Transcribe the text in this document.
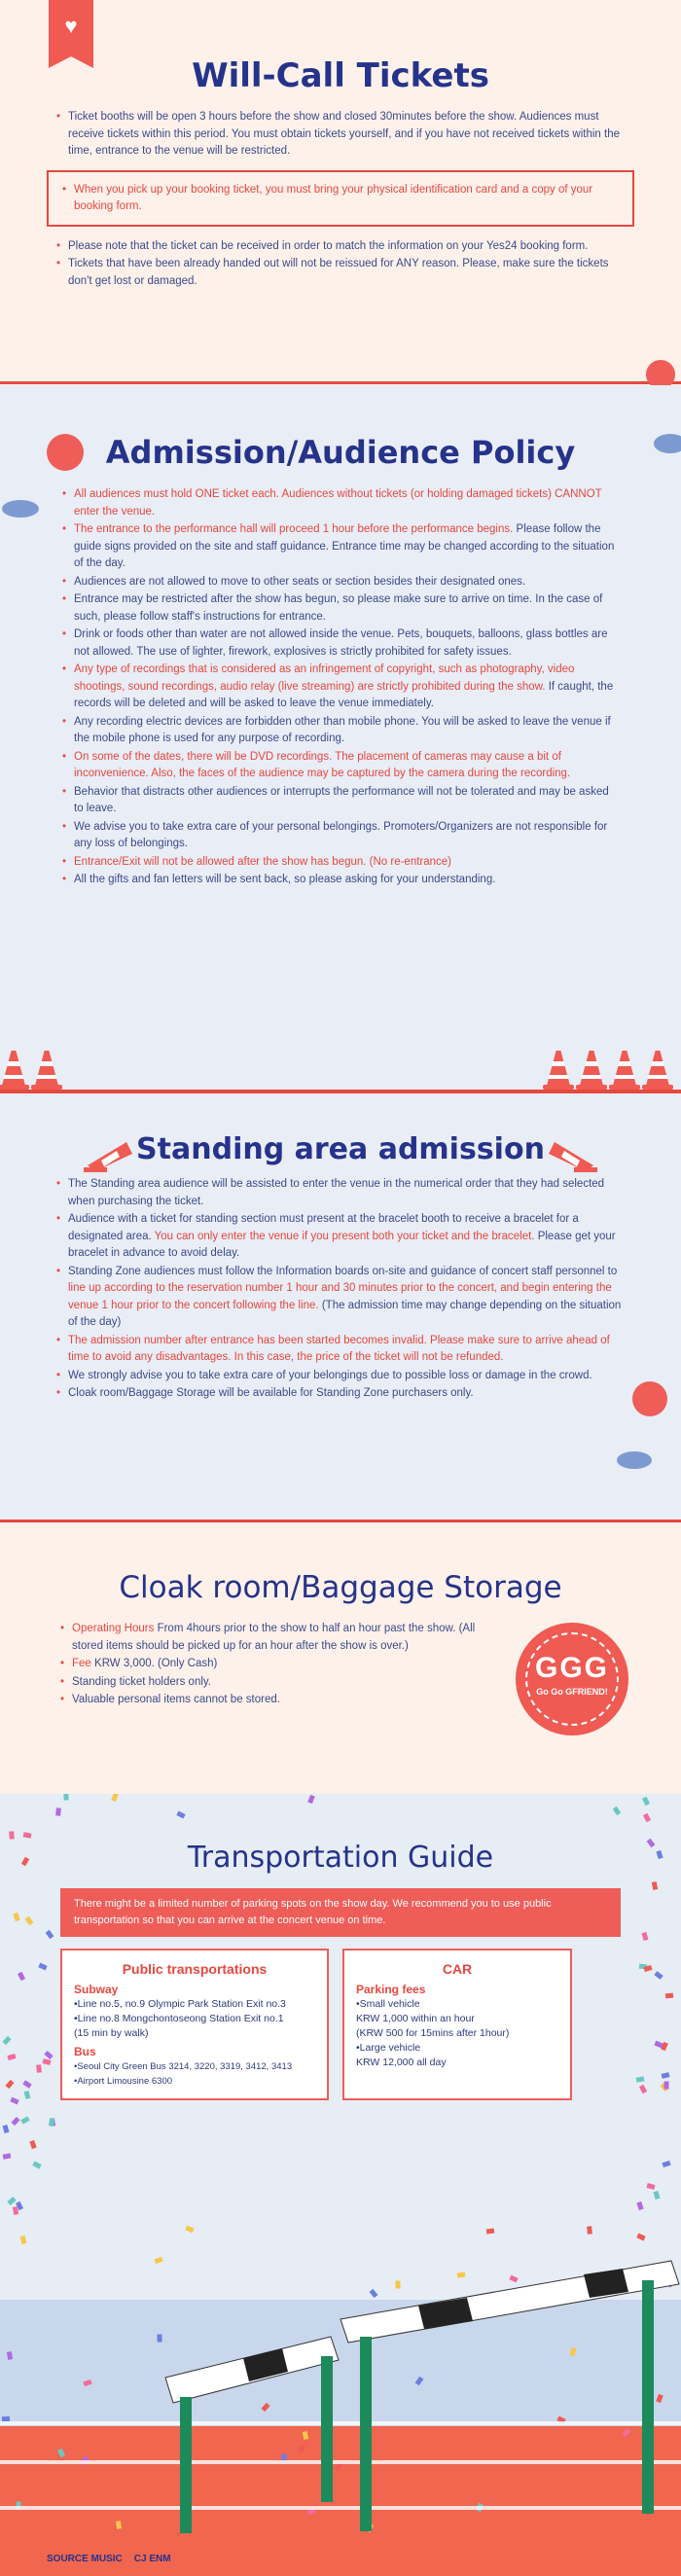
♥
Will-Call Tickets
• Ticket booths will be open 3 hours before the show and closed 30minutes before the show. Audiences must receive tickets within this period. You must obtain tickets yourself, and if you have not received tickets within the time, entrance to the venue will be restricted.
• When you pick up your booking ticket, you must bring your physical identification card and a copy of your booking form.
• Please note that the ticket can be received in order to match the information on your Yes24 booking form.
• Tickets that have been already handed out will not be reissued for ANY reason. Please, make sure the tickets don't get lost or damaged.
Admission/Audience Policy
• All audiences must hold ONE ticket each. Audiences without tickets (or holding damaged tickets) CANNOT enter the venue.
• The entrance to the performance hall will proceed 1 hour before the performance begins. Please follow the guide signs provided on the site and staff guidance. Entrance time may be changed according to the situation of the day.
• Audiences are not allowed to move to other seats or section besides their designated ones.
• Entrance may be restricted after the show has begun, so please make sure to arrive on time. In the case of such, please follow staff's instructions for entrance.
• Drink or foods other than water are not allowed inside the venue. Pets, bouquets, balloons, glass bottles are not allowed. The use of lighter, firework, explosives is strictly prohibited for safety issues.
• Any type of recordings that is considered as an infringement of copyright, such as photography, video shootings, sound recordings, audio relay (live streaming) are strictly prohibited during the show. If caught, the records will be deleted and will be asked to leave the venue immediately.
• Any recording electric devices are forbidden other than mobile phone. You will be asked to leave the venue if the mobile phone is used for any purpose of recording.
• On some of the dates, there will be DVD recordings. The placement of cameras may cause a bit of inconvenience. Also, the faces of the audience may be captured by the camera during the recording.
• Behavior that distracts other audiences or interrupts the performance will not be tolerated and may be asked to leave.
• We advise you to take extra care of your personal belongings. Promoters/Organizers are not responsible for any loss of belongings.
• Entrance/Exit will not be allowed after the show has begun. (No re-entrance)
• All the gifts and fan letters will be sent back, so please asking for your understanding.
Standing area admission
• The Standing area audience will be assisted to enter the venue in the numerical order that they had selected when purchasing the ticket.
• Audience with a ticket for standing section must present at the bracelet booth to receive a bracelet for a designated area. You can only enter the venue if you present both your ticket and the bracelet. Please get your bracelet in advance to avoid delay.
• Standing Zone audiences must follow the Information boards on-site and guidance of concert staff personnel to line up according to the reservation number 1 hour and 30 minutes prior to the concert, and begin entering the venue 1 hour prior to the concert following the line. (The admission time may change depending on the situation of the day)
• The admission number after entrance has been started becomes invalid. Please make sure to arrive ahead of time to avoid any disadvantages. In this case, the price of the ticket will not be refunded.
• We strongly advise you to take extra care of your belongings due to possible loss or damage in the crowd.
• Cloak room/Baggage Storage will be available for Standing Zone purchasers only.
Cloak room/Baggage Storage
• Operating Hours From 4hours prior to the show to half an hour past the show. (All stored items should be picked up for an hour after the show is over.)
• Fee KRW 3,000. (Only Cash)
• Standing ticket holders only.
• Valuable personal items cannot be stored.
GGG
Go Go GFRIEND!
Transportation Guide
There might be a limited number of parking spots on the show day. We recommend you to use public transportation so that you can arrive at the concert venue on time.
Public transportations
Subway
•Line no.5, no.9 Olympic Park Station Exit no.3
•Line no.8 Mongchontoseong Station Exit no.1
(15 min by walk)
Bus
•Seoul City Green Bus 3214, 3220, 3319, 3412, 3413
•Airport Limousine 6300
CAR
Parking fees
•Small vehicle
KRW 1,000 within an hour
(KRW 500 for 15mins after 1hour)
•Large vehicle
KRW 12,000 all day
SOURCE MUSIC CJ ENM
